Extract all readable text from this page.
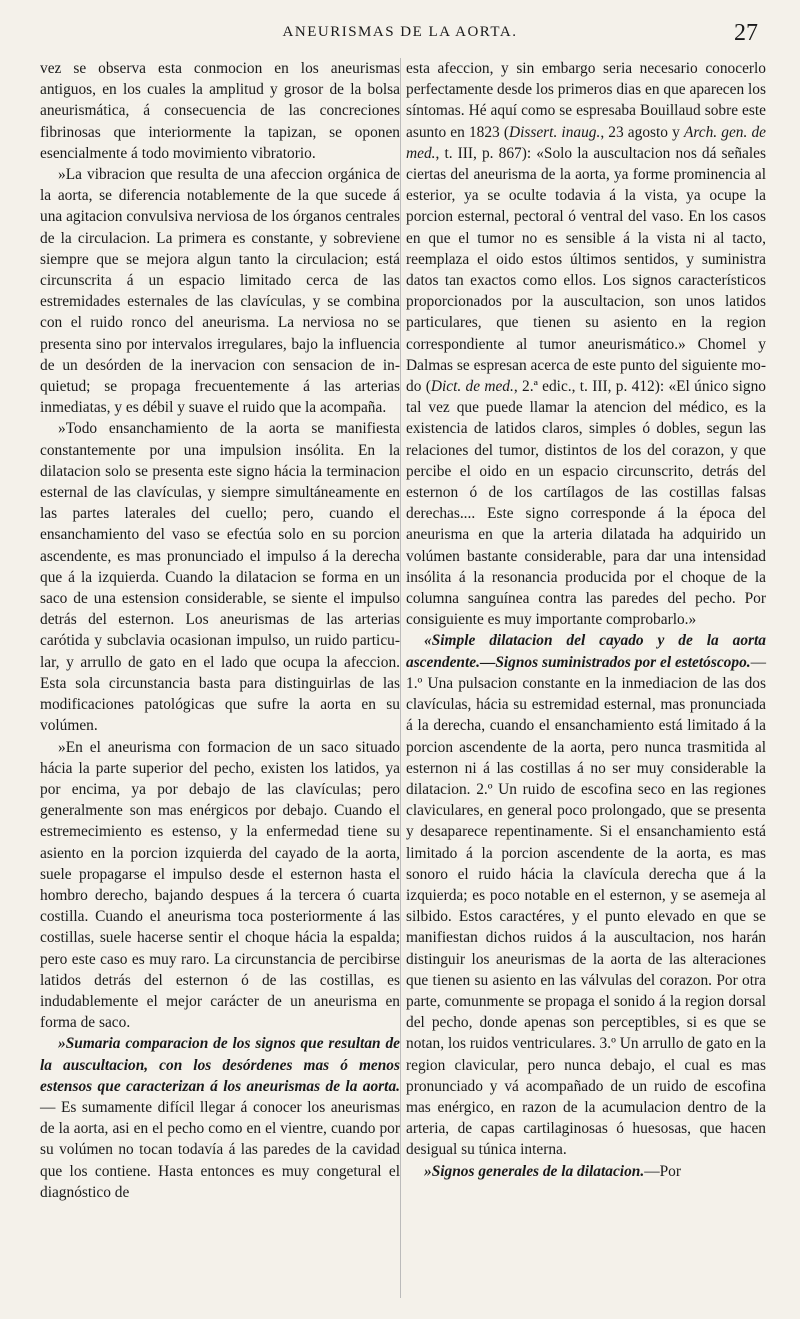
ANEURISMAS DE LA AORTA.	27

vez se observa esta conmocion en los aneurismas antiguos, en los cuales la amplitud y grosor de la bolsa aneurismática, á consecuencia de las concreciones fibrinosas que interiormente la tapizan, se oponen esencialmente á todo movimiento vibratorio.

»La vibracion que resulta de una afeccion orgánica de la aorta, se diferencia notablemente de la que sucede á una agitacion convulsiva nerviosa de los órganos centrales de la circulacion. La primera es constante, y sobreviene siempre que se mejora algun tanto la circulacion; está circunscrita á un espacio limitado cerca de las estremidades esternales de las clavículas, y se combina con el ruido ronco del aneurisma. La nerviosa no se presenta sino por intervalos irregulares, bajo la influencia de un desórden de la inervacion con sensacion de inquietud; se propaga frecuentemente á las arterias inmediatas, y es débil y suave el ruido que la acompaña.

»Todo ensanchamiento de la aorta se manifiesta constantemente por una impulsion insólita. En la dilatacion solo se presenta este signo hácia la terminacion esternal de las clavículas, y siempre simultáneamente en las partes laterales del cuello; pero, cuando el ensanchamiento del vaso se efectúa solo en su porcion ascendente, es mas pronunciado el impulso á la derecha que á la izquierda. Cuando la dilatacion se forma en un saco de una estension considerable, se siente el impulso detrás del esternon. Los aneurismas de las arterias carótida y subclavia ocasionan impulso, un ruido particular, y arrullo de gato en el lado que ocupa la afeccion. Esta sola circunstancia basta para distinguirlas de las modificaciones patológicas que sufre la aorta en su volúmen.

»En el aneurisma con formacion de un saco situado hácia la parte superior del pecho, existen los latidos, ya por encima, ya por debajo de las clavículas; pero generalmente son mas enérgicos por debajo. Cuando el estremecimiento es estenso, y la enfermedad tiene su asiento en la porcion izquierda del cayado de la aorta, suele propagarse el impulso desde el esternon hasta el hombro derecho, bajando despues á la tercera ó cuarta costilla. Cuando el aneurisma toca posteriormente á las costillas, suele hacerse sentir el choque hácia la espalda; pero este caso es muy raro. La circunstancia de percibirse latidos detrás del esternon ó de las costillas, es indudablemente el mejor carácter de un aneurisma en forma de saco.

»Sumaria comparacion de los signos que resultan de la auscultacion, con los desórdenes mas ó menos estensos que caracterizan á los aneurismas de la aorta. — Es sumamente difícil llegar á conocer los aneurismas de la aorta, asi en el pecho como en el vientre, cuando por su volúmen no tocan todavía á las paredes de la cavidad que los contiene. Hasta entonces es muy congetural el diagnóstico de

esta afeccion, y sin embargo seria necesario conocerlo perfectamente desde los primeros dias en que aparecen los síntomas. Hé aquí como se espresaba Bouillaud sobre este asunto en 1823 (Dissert. inaug., 23 agosto y Arch. gen. de med., t. III, p. 867): «Solo la auscultacion nos dá señales ciertas del aneurisma de la aorta, ya forme prominencia al esterior, ya se oculte todavia á la vista, ya ocupe la porcion esternal, pectoral ó ventral del vaso. En los casos en que el tumor no es sensible á la vista ni al tacto, reemplaza el oido estos últimos sentidos, y suministra datos tan exactos como ellos. Los signos característicos proporcionados por la auscultacion, son unos latidos particulares, que tienen su asiento en la region correspondiente al tumor aneurismático.» Chomel y Dalmas se espresan acerca de este punto del siguiente modo (Dict. de med., 2.ª edic., t. III, p. 412): «El único signo tal vez que puede llamar la atencion del médico, es la existencia de latidos claros, simples ó dobles, segun las relaciones del tumor, distintos de los del corazon, y que percibe el oido en un espacio circunscrito, detrás del esternon ó de los cartílagos de las costillas falsas derechas.... Este signo corresponde á la época del aneurisma en que la arteria dilatada ha adquirido un volúmen bastante considerable, para dar una intensidad insólita á la resonancia producida por el choque de la columna sanguínea contra las paredes del pecho. Por consiguiente es muy importante comprobarlo.»

«Simple dilatacion del cayado y de la aorta ascendente.—Signos suministrados por el estetóscopo.— 1.º Una pulsacion constante en la inmediacion de las dos clavículas, hácia su estremidad esternal, mas pronunciada á la derecha, cuando el ensanchamiento está limitado á la porcion ascendente de la aorta, pero nunca trasmitida al esternon ni á las costillas á no ser muy considerable la dilatacion. 2.º Un ruido de escofina seco en las regiones claviculares, en general poco prolongado, que se presenta y desaparece repentinamente. Si el ensanchamiento está limitado á la porcion ascendente de la aorta, es mas sonoro el ruido hácia la clavícula derecha que á la izquierda; es poco notable en el esternon, y se asemeja al silbido. Estos caractéres, y el punto elevado en que se manifiestan dichos ruidos á la auscultacion, nos harán distinguir los aneurismas de la aorta de las alteraciones que tienen su asiento en las válvulas del corazon. Por otra parte, comunmente se propaga el sonido á la region dorsal del pecho, donde apenas son perceptibles, si es que se notan, los ruidos ventriculares. 3.º Un arrullo de gato en la region clavicular, pero nunca debajo, el cual es mas pronunciado y vá acompañado de un ruido de escofina mas enérgico, en razon de la acumulacion dentro de la arteria, de capas cartilaginosas ó huesosas, que hacen desigual su túnica interna.

»Signos generales de la dilatacion.—Por
